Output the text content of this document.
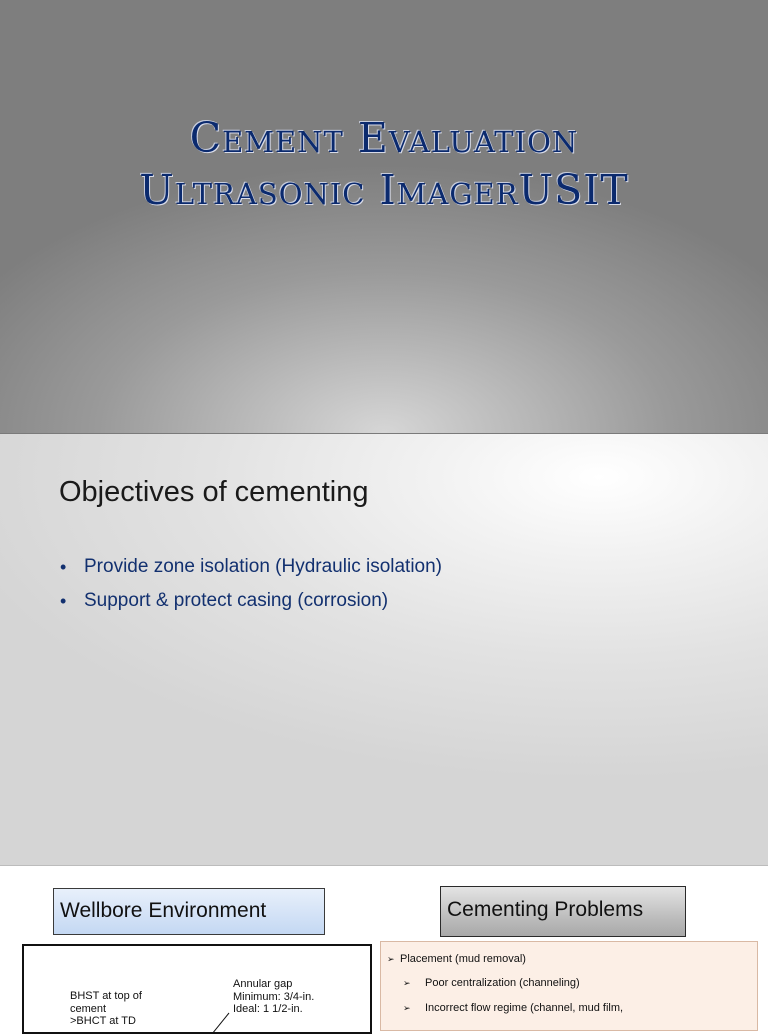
Cement Evaluation
Ultrasonic ImagerUSIT
Objectives of cementing
• Provide zone isolation (Hydraulic isolation)
• Support & protect casing (corrosion)
Wellbore Environment	Cementing Problems
BHST at top of
cement
>BHCT at TD
Annular gap
Minimum: 3/4-in.
Ideal: 1 1/2-in.
➢ Placement (mud removal)
➢	Poor centralization (channeling)
➢	Incorrect flow regime (channel, mud film,
